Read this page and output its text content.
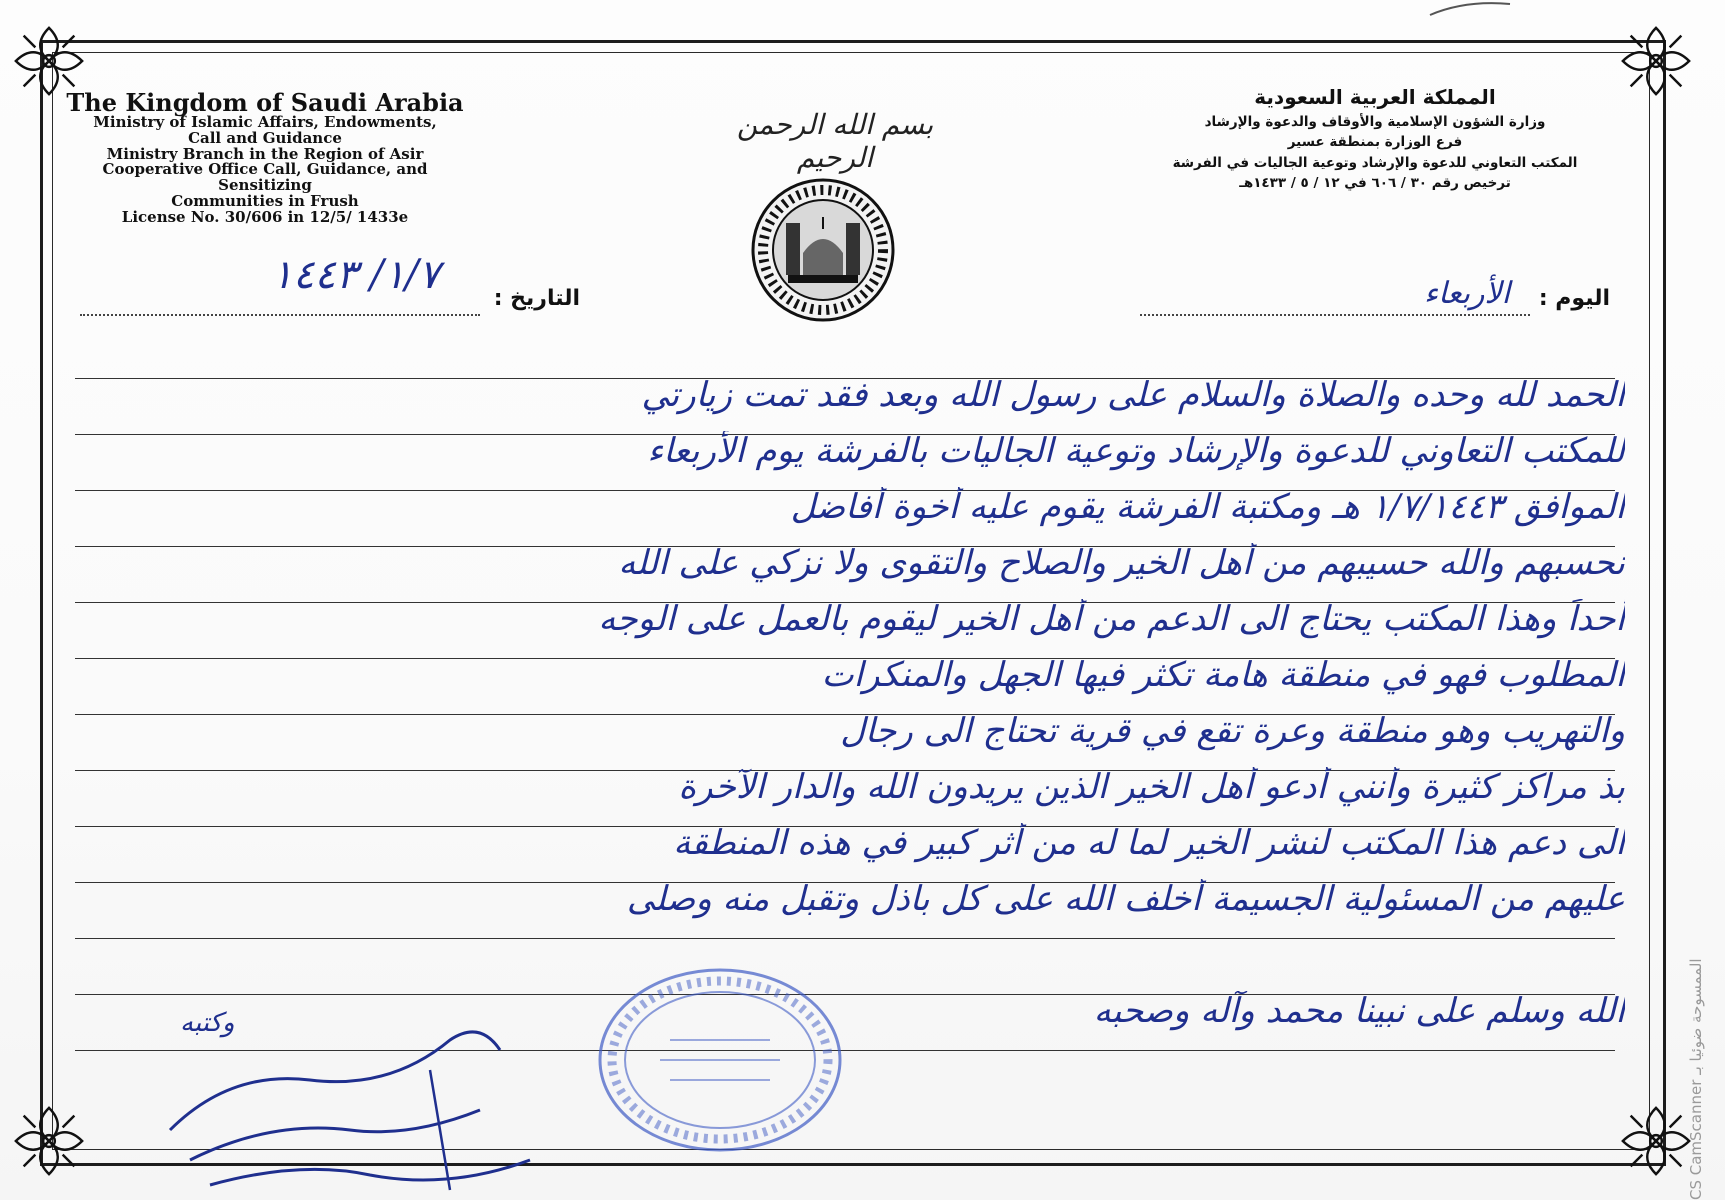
The Kingdom of Saudi Arabia
Ministry of Islamic Affairs, Endowments,
Call and Guidance
Ministry Branch in the Region of Asir
Cooperative Office Call, Guidance, and Sensitizing
Communities in Frush
License No. 30/606 in 12/5/ 1433e
المملكة العربية السعودية
وزارة الشؤون الإسلامية والأوقاف والدعوة والإرشاد
فرع الوزارة بمنطقة عسير
المكتب التعاوني للدعوة والإرشاد وتوعية الجاليات في الفرشة
ترخيص رقم ٣٠ / ٦٠٦ في ١٢ / ٥ / ١٤٣٣هـ
بسم الله الرحمن الرحيم
التاريخ :
١/٧/ ١٤٤٣
اليوم :
الأربعاء
الحمد لله وحده والصلاة والسلام على رسول الله وبعد فقد تمت زيارتي
للمكتب التعاوني للدعوة والإرشاد وتوعية الجاليات بالفرشة يوم الأربعاء
الموافق ١/٧/١٤٤٣ هـ ومكتبة الفرشة يقوم عليه أخوة أفاضل
نحسبهم والله حسيبهم من أهل الخير والصلاح والتقوى ولا نزكي على الله
أحداً وهذا المكتب يحتاج الى الدعم من أهل الخير ليقوم بالعمل على الوجه
المطلوب فهو في منطقة هامة تكثر فيها الجهل والمنكرات
والتهريب وهو منطقة وعرة تقع في قرية تحتاج الى رجال
بذ مراكز كثيرة وأنني أدعو أهل الخير الذين يريدون الله والدار الآخرة
الى دعم هذا المكتب لنشر الخير لما له من أثر كبير في هذه المنطقة
عليهم من المسئولية الجسيمة أخلف الله على كل باذل وتقبل منه وصلى
الله وسلم على نبينا محمد وآله وصحبه
وكتبه
CS CamScanner الممسوحة ضوئيا بـ
